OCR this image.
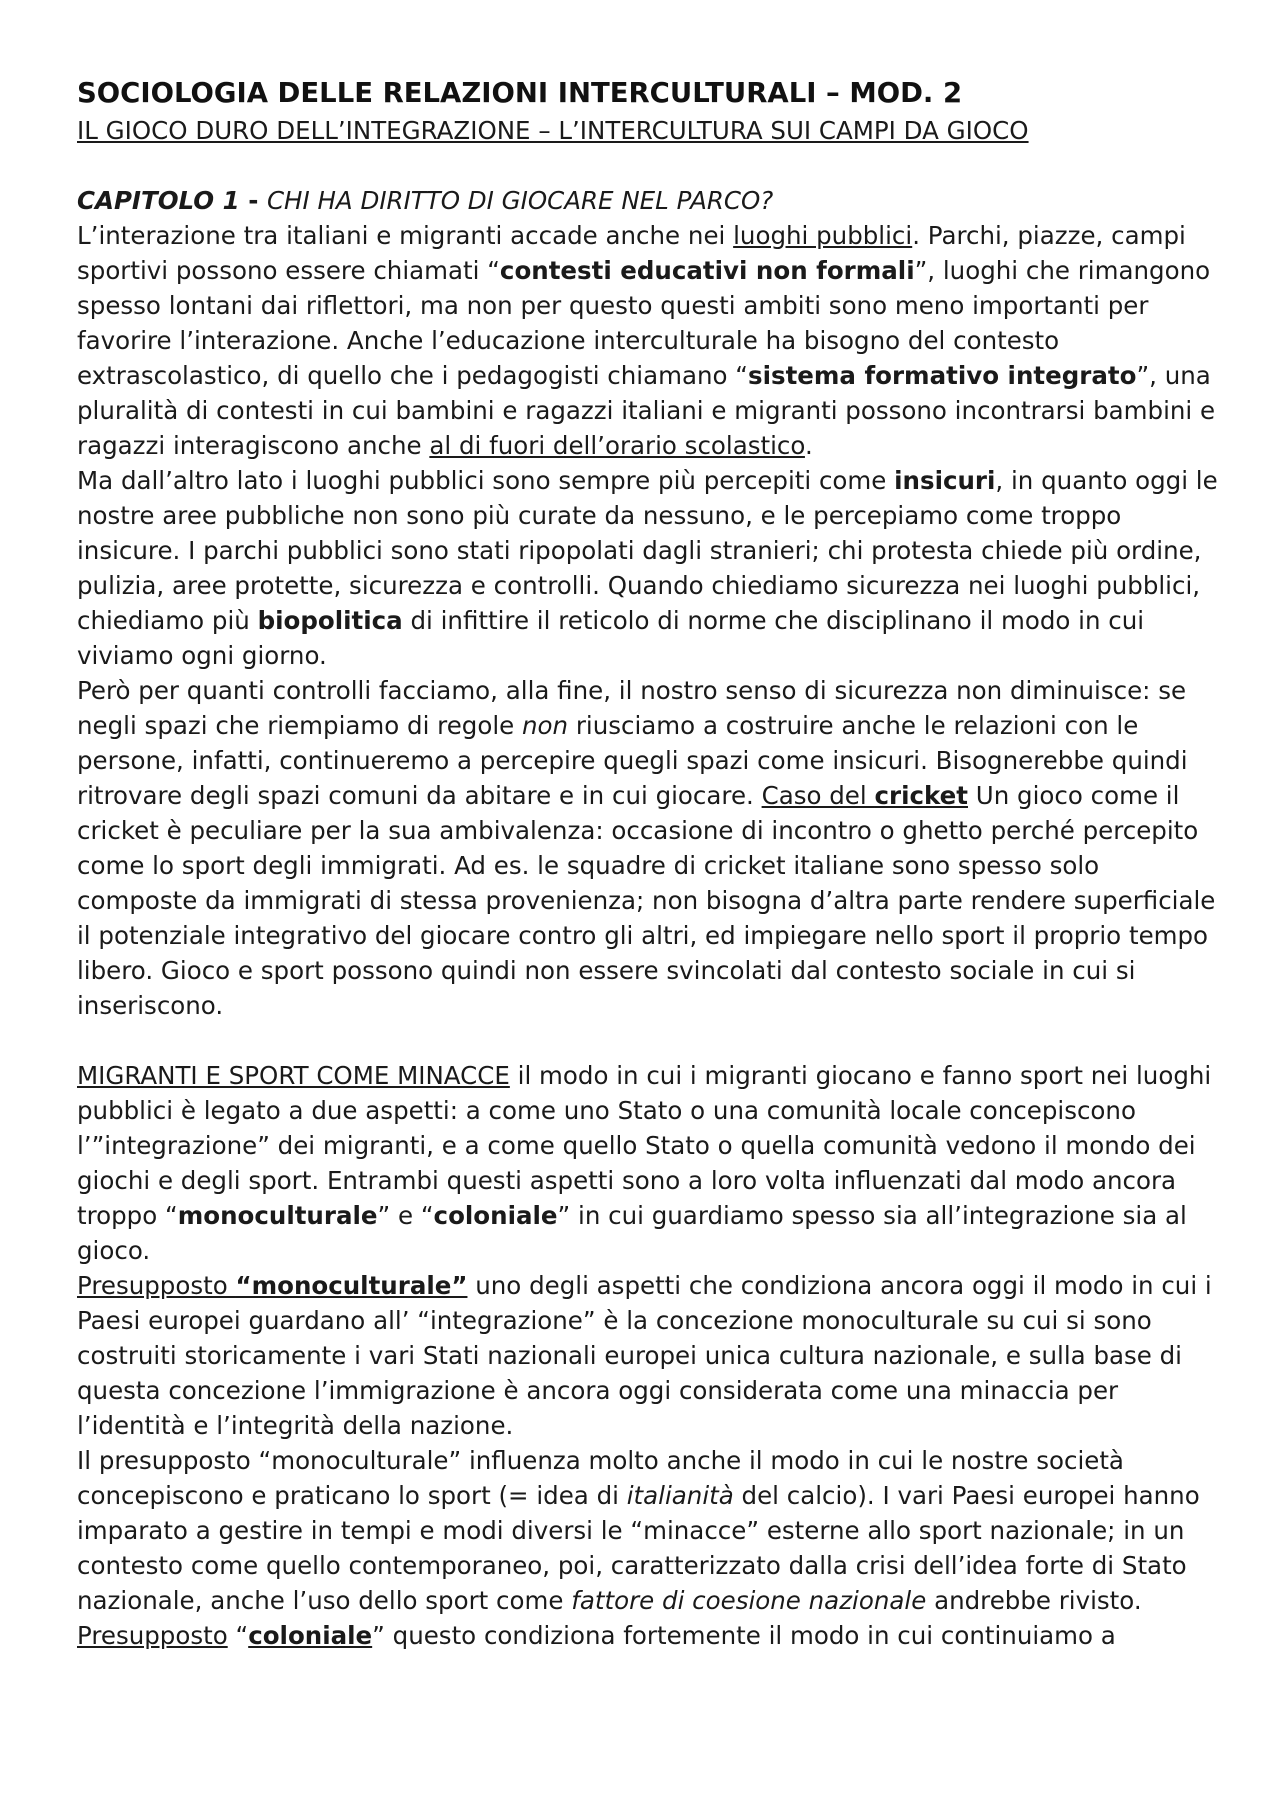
SOCIOLOGIA DELLE RELAZIONI INTERCULTURALI – MOD. 2

IL GIOCO DURO DELL’INTEGRAZIONE – L’INTERCULTURA SUI CAMPI DA GIOCO

CAPITOLO 1 - CHI HA DIRITTO DI GIOCARE NEL PARCO?

L’interazione tra italiani e migranti accade anche nei luoghi pubblici. Parchi, piazze, campi sportivi possono essere chiamati “contesti educativi non formali”, luoghi che rimangono spesso lontani dai riflettori, ma non per questo questi ambiti sono meno importanti per favorire l’interazione. Anche l’educazione interculturale ha bisogno del contesto extrascolastico, di quello che i pedagogisti chiamano “sistema formativo integrato”, una pluralità di contesti in cui bambini e ragazzi italiani e migranti possono incontrarsi bambini e ragazzi interagiscono anche al di fuori dell’orario scolastico.

Ma dall’altro lato i luoghi pubblici sono sempre più percepiti come insicuri, in quanto oggi le nostre aree pubbliche non sono più curate da nessuno, e le percepiamo come troppo insicure. I parchi pubblici sono stati ripopolati dagli stranieri; chi protesta chiede più ordine, pulizia, aree protette, sicurezza e controlli. Quando chiediamo sicurezza nei luoghi pubblici, chiediamo più biopolitica di infittire il reticolo di norme che disciplinano il modo in cui viviamo ogni giorno.

Però per quanti controlli facciamo, alla fine, il nostro senso di sicurezza non diminuisce: se negli spazi che riempiamo di regole non riusciamo a costruire anche le relazioni con le persone, infatti, continueremo a percepire quegli spazi come insicuri. Bisognerebbe quindi ritrovare degli spazi comuni da abitare e in cui giocare. Caso del cricket Un gioco come il cricket è peculiare per la sua ambivalenza: occasione di incontro o ghetto perché percepito come lo sport degli immigrati. Ad es. le squadre di cricket italiane sono spesso solo composte da immigrati di stessa provenienza; non bisogna d’altra parte rendere superficiale il potenziale integrativo del giocare contro gli altri, ed impiegare nello sport il proprio tempo libero. Gioco e sport possono quindi non essere svincolati dal contesto sociale in cui si inseriscono.

MIGRANTI E SPORT COME MINACCE il modo in cui i migranti giocano e fanno sport nei luoghi pubblici è legato a due aspetti: a come uno Stato o una comunità locale concepiscono l’”integrazione” dei migranti, e a come quello Stato o quella comunità vedono il mondo dei giochi e degli sport. Entrambi questi aspetti sono a loro volta influenzati dal modo ancora troppo “monoculturale” e “coloniale” in cui guardiamo spesso sia all’integrazione sia al gioco.

Presupposto “monoculturale” uno degli aspetti che condiziona ancora oggi il modo in cui i Paesi europei guardano all’ “integrazione” è la concezione monoculturale su cui si sono costruiti storicamente i vari Stati nazionali europei unica cultura nazionale, e sulla base di questa concezione l’immigrazione è ancora oggi considerata come una minaccia per l’identità e l’integrità della nazione.

Il presupposto “monoculturale” influenza molto anche il modo in cui le nostre società concepiscono e praticano lo sport (= idea di italianità del calcio). I vari Paesi europei hanno imparato a gestire in tempi e modi diversi le “minacce” esterne allo sport nazionale; in un contesto come quello contemporaneo, poi, caratterizzato dalla crisi dell’idea forte di Stato nazionale, anche l’uso dello sport come fattore di coesione nazionale andrebbe rivisto.

Presupposto “coloniale” questo condiziona fortemente il modo in cui continuiamo a
